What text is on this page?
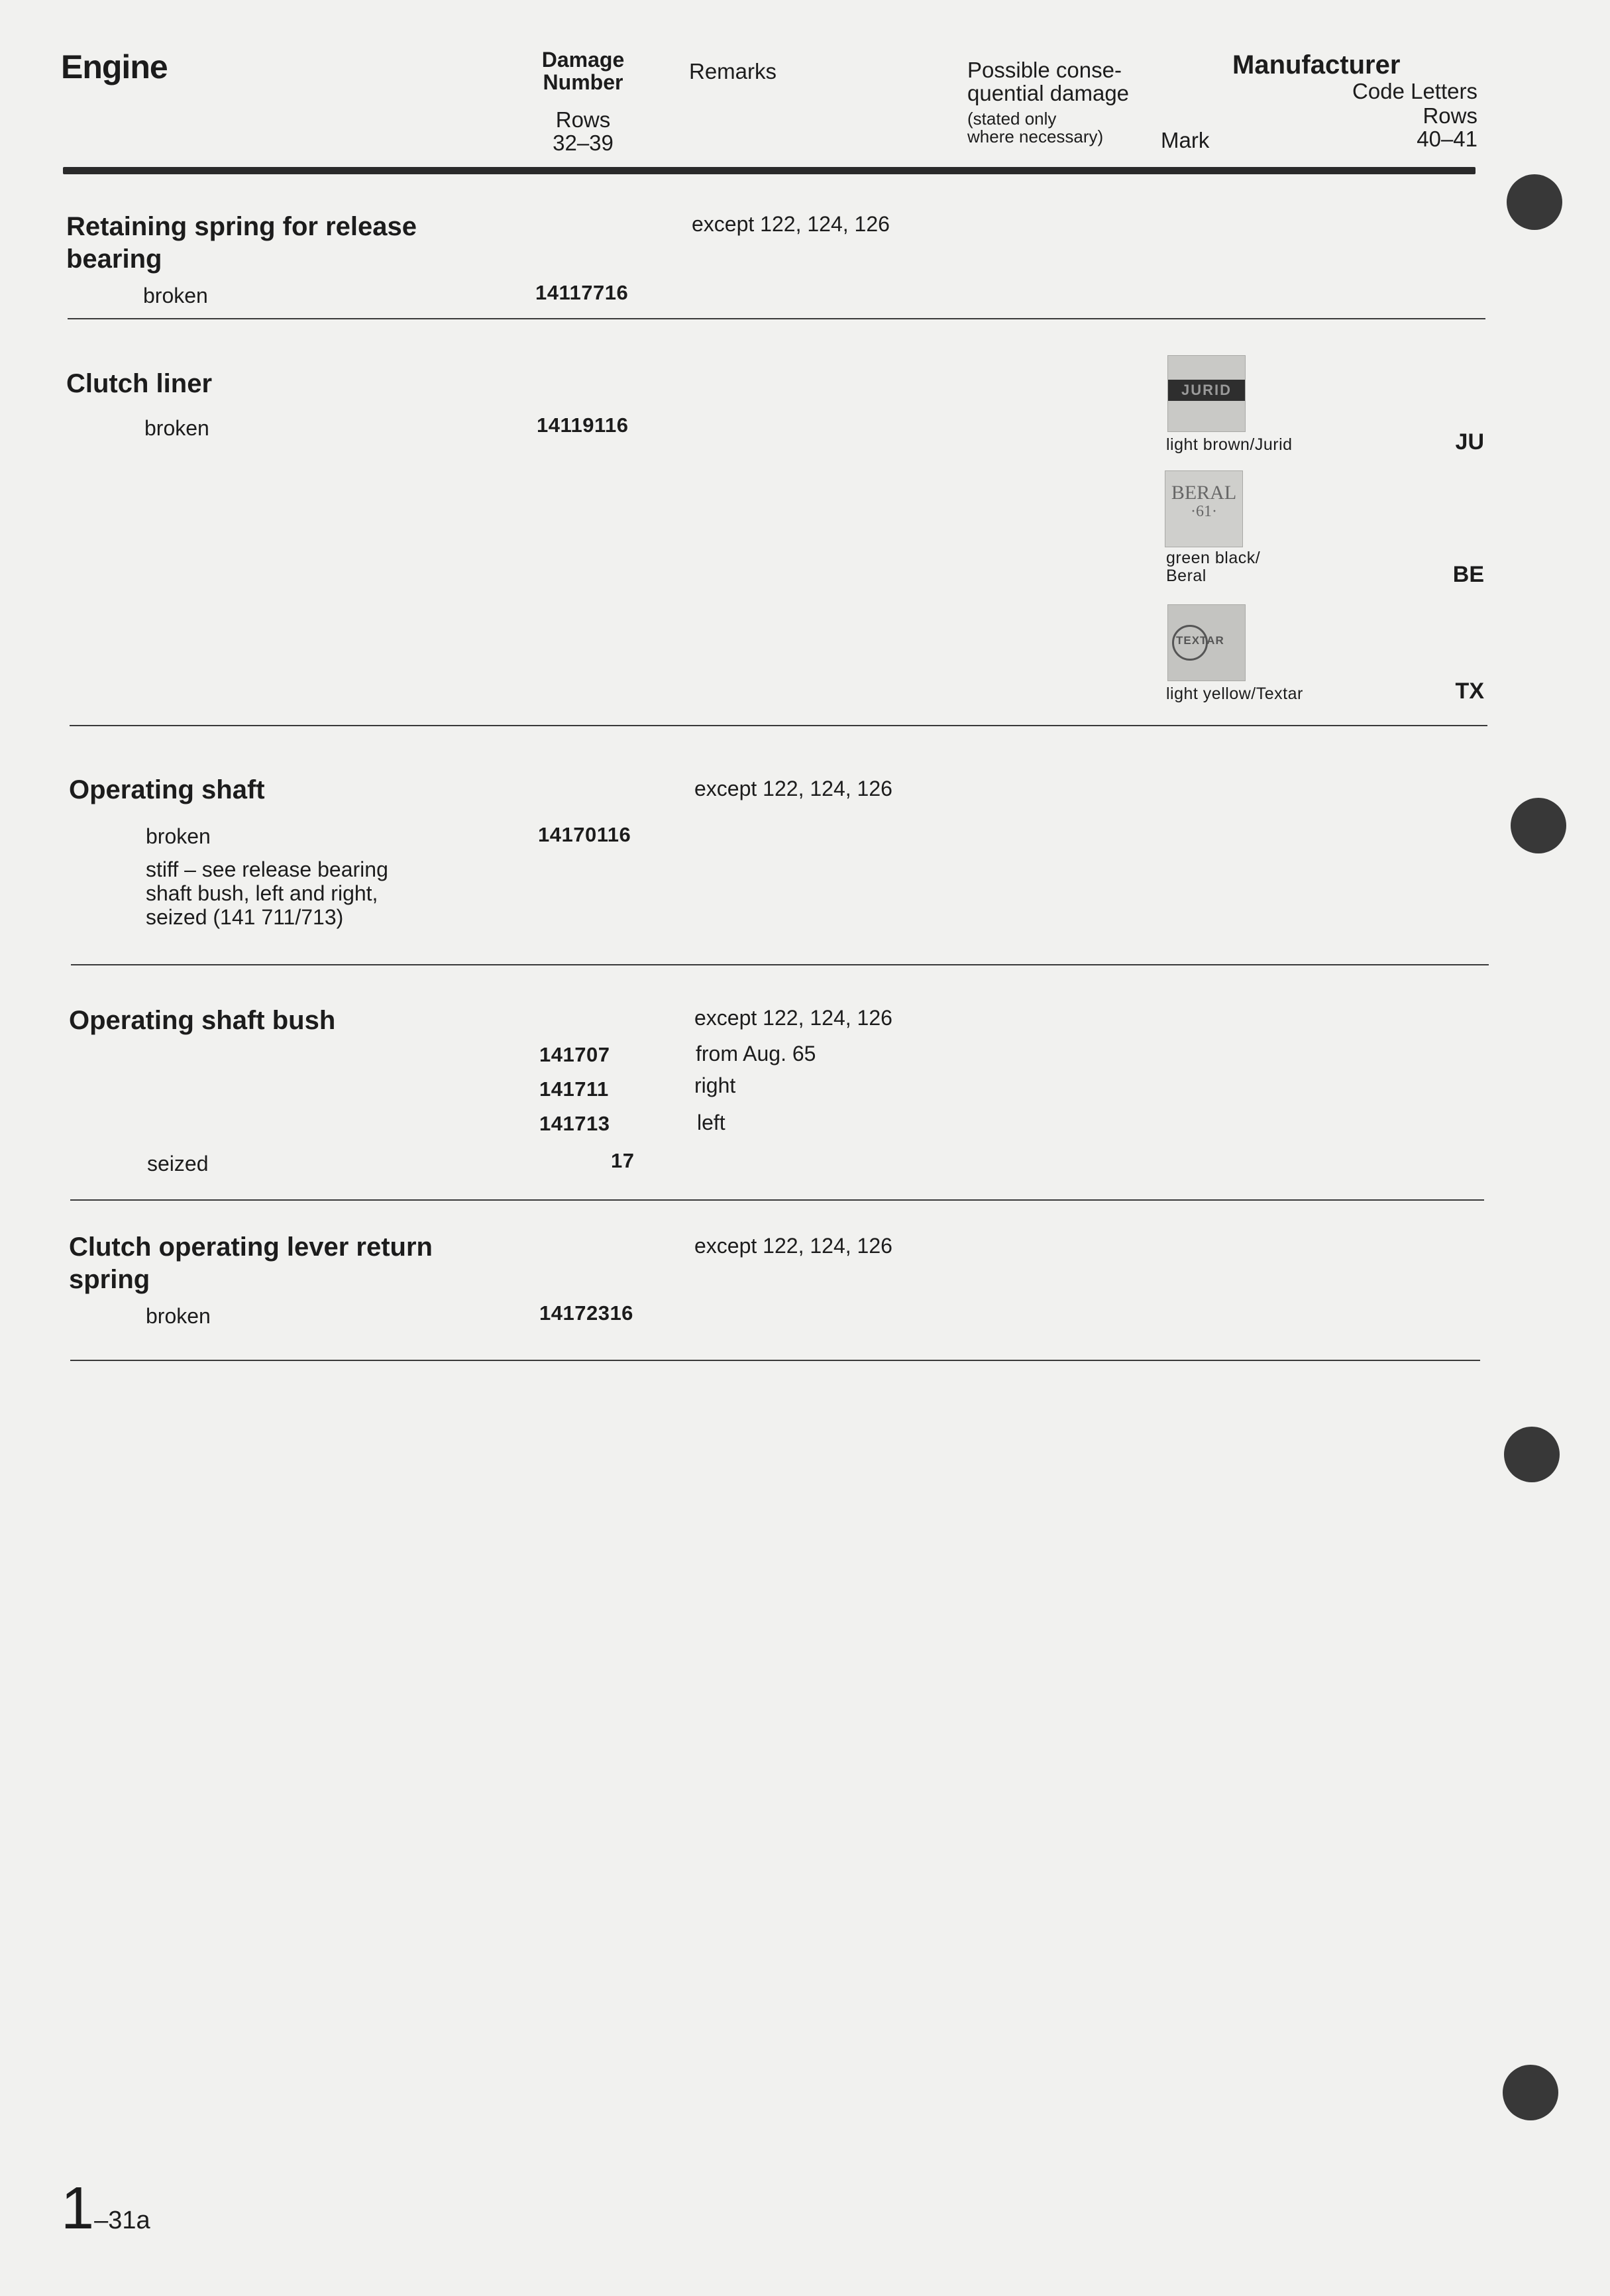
Engine	Damage
Number
Rows
32–39
Remarks	Possible conse-
quential damage
(stated only
where necessary)	Mark
Manufacturer
Code Letters
Rows
40–41
Retaining spring for release bearing
except 122, 124, 126
broken	14117716
Clutch liner
broken	14119116
JURID
light brown/Jurid	JU
BERAL
·61·
green black/
Beral	BE
TEXTAR
light yellow/Textar	TX
Operating shaft	except 122, 124, 126
broken	14170116
stiff – see release bearing
shaft bush, left and right,
seized (141 711/713)
Operating shaft bush	except 122, 124, 126
141707	from Aug. 65
141711	right
141713	left
seized	17
Clutch operating lever return spring
except 122, 124, 126
broken	14172316
1–31a
